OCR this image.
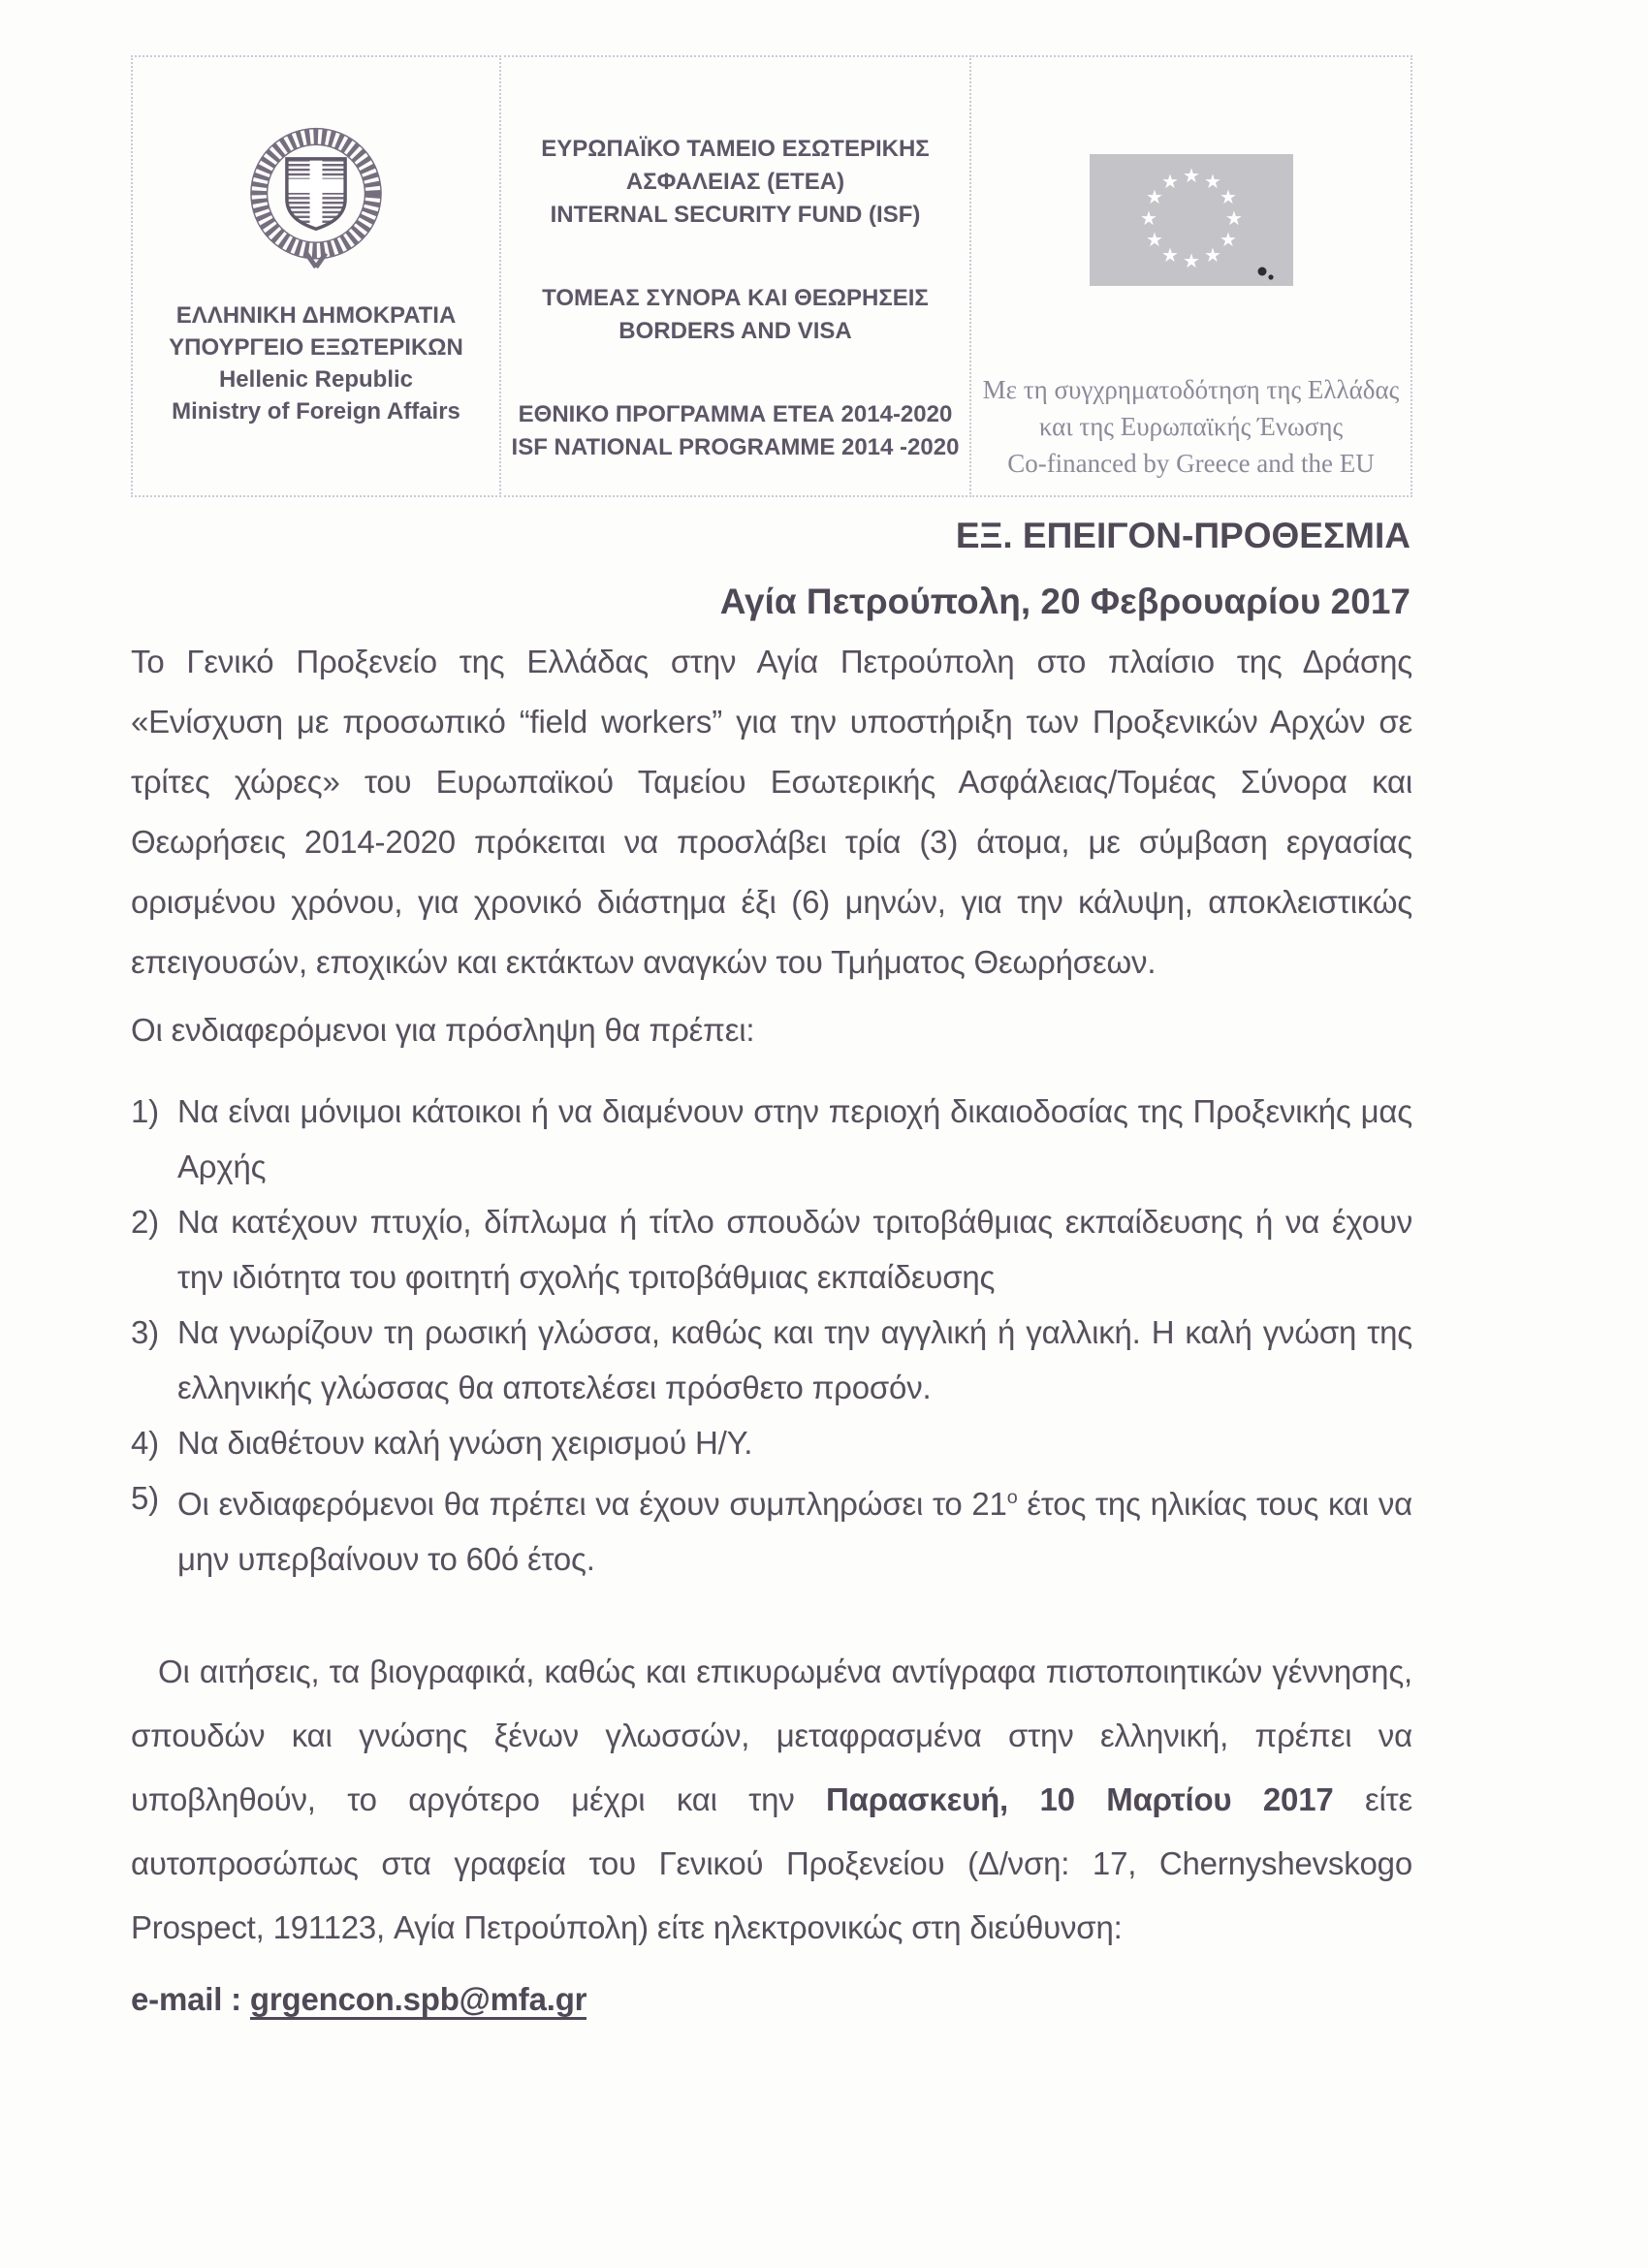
ΕΛΛΗΝΙΚΗ ΔΗΜΟΚΡΑΤΙΑ
ΥΠΟΥΡΓΕΙΟ ΕΞΩΤΕΡΙΚΩΝ
Hellenic Republic
Ministry of Foreign Affairs
ΕΥΡΩΠΑΪΚΟ ΤΑΜΕΙΟ ΕΣΩΤΕΡΙΚΗΣ
ΑΣΦΑΛΕΙΑΣ (ΕΤΕΑ)
INTERNAL SECURITY FUND (ISF)
ΤΟΜΕΑΣ ΣΥΝΟΡΑ ΚΑΙ ΘΕΩΡΗΣΕΙΣ
BORDERS AND VISA
ΕΘΝΙΚΟ ΠΡΟΓΡΑΜΜΑ ΕΤΕΑ 2014-2020
ISF NATIONAL PROGRAMME 2014 -2020
★ ★
★
★
★
★
★
★
★
★
★
★
Με τη συγχρηματοδότηση της Ελλάδας
και της Ευρωπαϊκής Ένωσης
Co-financed by Greece and the EU
ΕΞ. ΕΠΕΙΓΟΝ-ΠΡΟΘΕΣΜΙΑ
Αγία Πετρούπολη, 20 Φεβρουαρίου 2017

Το Γενικό Προξενείο της Ελλάδας στην Αγία Πετρούπολη στο πλαίσιο της Δράσης «Ενίσχυση με προσωπικό “field workers” για την υποστήριξη των Προξενικών Αρχών σε τρίτες χώρες» του Ευρωπαϊκού Ταμείου Εσωτερικής Ασφάλειας/Τομέας Σύνορα και Θεωρήσεις 2014-2020 πρόκειται να προσλάβει τρία (3) άτομα, με σύμβαση εργασίας ορισμένου χρόνου, για χρονικό διάστημα έξι (6) μηνών, για την κάλυψη, αποκλειστικώς επειγουσών, εποχικών και εκτάκτων αναγκών του Τμήματος Θεωρήσεων.

Οι ενδιαφερόμενοι για πρόσληψη θα πρέπει:

1) Να είναι μόνιμοι κάτοικοι ή να διαμένουν στην περιοχή δικαιοδοσίας της Προξενικής μας Αρχής
2) Να κατέχουν πτυχίο, δίπλωμα ή τίτλο σπουδών τριτοβάθμιας εκπαίδευσης ή να έχουν την ιδιότητα του φοιτητή σχολής τριτοβάθμιας εκπαίδευσης
3) Να γνωρίζουν τη ρωσική γλώσσα, καθώς και την αγγλική ή γαλλική. Η καλή γνώση της ελληνικής γλώσσας θα αποτελέσει πρόσθετο προσόν.
4) Να διαθέτουν καλή γνώση χειρισμού Η/Υ.
5) Οι ενδιαφερόμενοι θα πρέπει να έχουν συμπληρώσει το $21^o$ έτος της ηλικίας τους και να μην υπερβαίνουν το 60ό έτος.

Οι αιτήσεις, τα βιογραφικά, καθώς και επικυρωμένα αντίγραφα πιστοποιητικών γέννησης, σπουδών και γνώσης ξένων γλωσσών, μεταφρασμένα στην ελληνική, πρέπει να υποβληθούν, το αργότερο μέχρι και την Παρασκευή, 10 Μαρτίου 2017 είτε αυτοπροσώπως στα γραφεία του Γενικού Προξενείου (Δ/νση: 17, Chernyshevskogo Prospect, 191123, Αγία Πετρούπολη) είτε ηλεκτρονικώς στη διεύθυνση:

e-mail : grgencon.spb@mfa.gr
